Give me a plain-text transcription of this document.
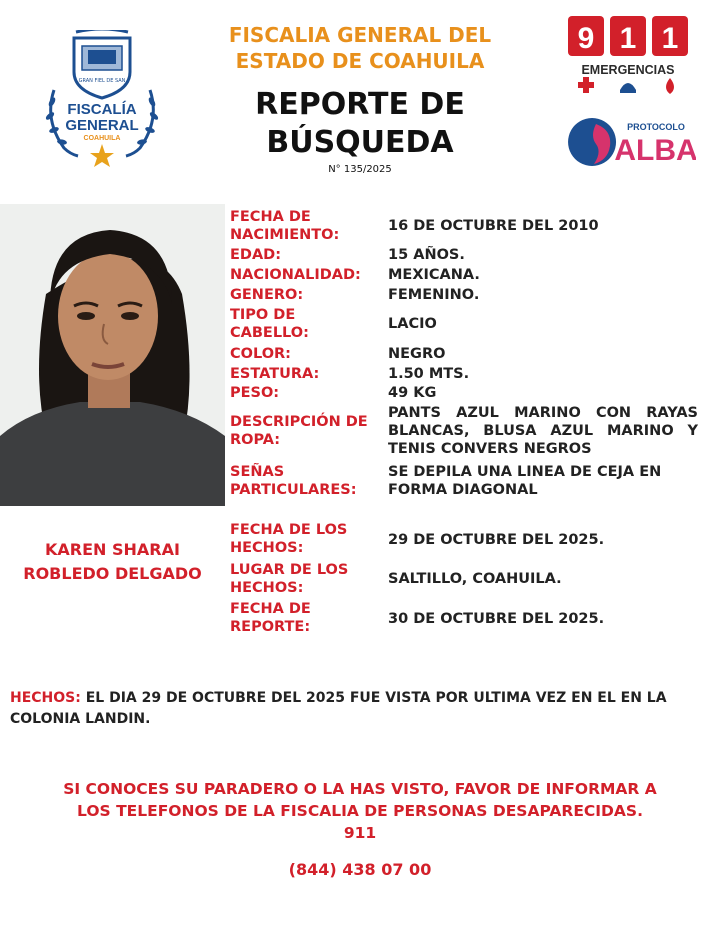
GRAN FIEL DE SAN
FISCALÍA
GENERAL
COAHUILA
FISCALIA GENERAL DEL
ESTADO DE COAHUILA
REPORTE DE
BÚSQUEDA
N° 135/2025
9 1 1
EMERGENCIAS
PROTOCOLO
ALBA
KAREN SHARAI
ROBLEDO DELGADO
FECHA DE
NACIMIENTO:
16 DE OCTUBRE DEL 2010
EDAD:	15 AÑOS.
NACIONALIDAD:	MEXICANA.
GENERO:	FEMENINO.
TIPO DE
CABELLO:
LACIO
COLOR:	NEGRO
ESTATURA:	1.50 MTS.
PESO:	49 KG
DESCRIPCIÓN DE
ROPA:
PANTS AZUL MARINO CON RAYAS BLANCAS, BLUSA AZUL MARINO Y TENIS CONVERS NEGROS
SEÑAS
PARTICULARES:
SE DEPILA UNA LINEA DE CEJA EN FORMA DIAGONAL
FECHA DE LOS
HECHOS:	29 DE OCTUBRE DEL 2025.
LUGAR DE LOS
HECHOS:
SALTILLO, COAHUILA.
FECHA DE
REPORTE:	30 DE OCTUBRE DEL 2025.
HECHOS: EL DIA 29 DE OCTUBRE DEL 2025 FUE VISTA POR ULTIMA VEZ EN EL EN LA COLONIA LANDIN.
SI CONOCES SU PARADERO O LA HAS VISTO, FAVOR DE INFORMAR A
LOS TELEFONOS DE LA FISCALIA DE PERSONAS DESAPARECIDAS.
911
(844) 438 07 00
